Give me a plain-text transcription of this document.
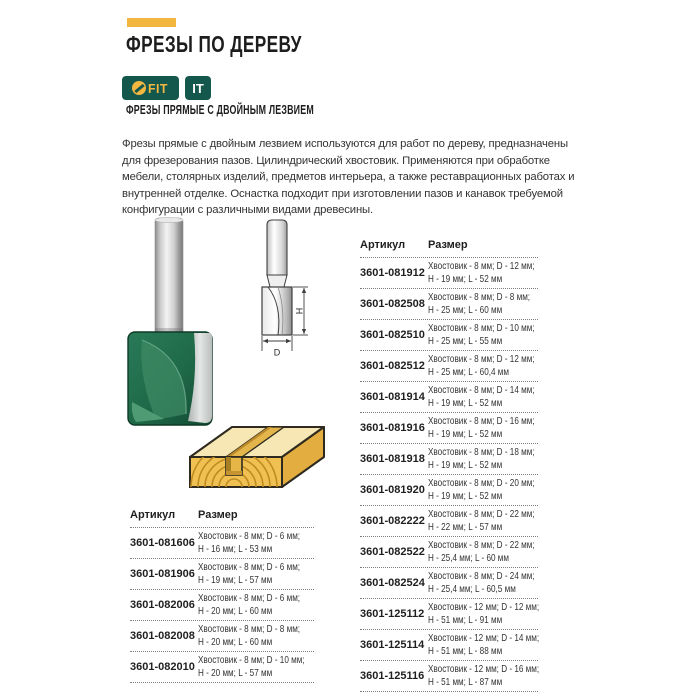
ФРЕЗЫ ПО ДЕРЕВУ
FIT IT
ФРЕЗЫ ПРЯМЫЕ С ДВОЙНЫМ ЛЕЗВИЕМ
Фрезы прямые с двойным лезвием используются для работ по дереву, предназначены для фрезерования пазов. Цилиндрический хвостовик. Применяются при обработке мебели, столярных изделий, предметов интерьера, а также реставрационных работах и внутренней отделке. Оснастка подходит при изготовлении пазов и канавок требуемой конфигурации с различными видами древесины.
H
D
Артикул	Размер
3601-081606
Хвостовик - 8 мм; D - 6 мм;
H - 16 мм; L - 53 мм
3601-081906
Хвостовик - 8 мм; D - 6 мм;
H - 19 мм; L - 57 мм
3601-082006
Хвостовик - 8 мм; D - 6 мм;
H - 20 мм; L - 60 мм
3601-082008
Хвостовик - 8 мм; D - 8 мм;
H - 20 мм; L - 60 мм
3601-082010
Хвостовик - 8 мм; D - 10 мм;
H - 20 мм; L - 57 мм
Артикул	Размер
3601-081912
Хвостовик - 8 мм; D - 12 мм;
H - 19 мм; L - 52 мм
3601-082508
Хвостовик - 8 мм; D - 8 мм;
H - 25 мм; L - 60 мм
3601-082510
Хвостовик - 8 мм; D - 10 мм;
H - 25 мм; L - 55 мм
3601-082512
Хвостовик - 8 мм; D - 12 мм;
H - 25 мм; L - 60,4 мм
3601-081914
Хвостовик - 8 мм; D - 14 мм;
H - 19 мм; L - 52 мм
3601-081916
Хвостовик - 8 мм; D - 16 мм;
H - 19 мм; L - 52 мм
3601-081918
Хвостовик - 8 мм; D - 18 мм;
H - 19 мм; L - 52 мм
3601-081920
Хвостовик - 8 мм; D - 20 мм;
H - 19 мм; L - 52 мм
3601-082222
Хвостовик - 8 мм; D - 22 мм;
H - 22 мм; L - 57 мм
3601-082522
Хвостовик - 8 мм; D - 22 мм;
H - 25,4 мм; L - 60 мм
3601-082524
Хвостовик - 8 мм; D - 24 мм;
H - 25,4 мм; L - 60,5 мм
3601-125112
Хвостовик - 12 мм; D - 12 мм;
H - 51 мм; L - 91 мм
3601-125114
Хвостовик - 12 мм; D - 14 мм;
H - 51 мм; L - 88 мм
3601-125116
Хвостовик - 12 мм; D - 16 мм;
H - 51 мм; L - 87 мм
